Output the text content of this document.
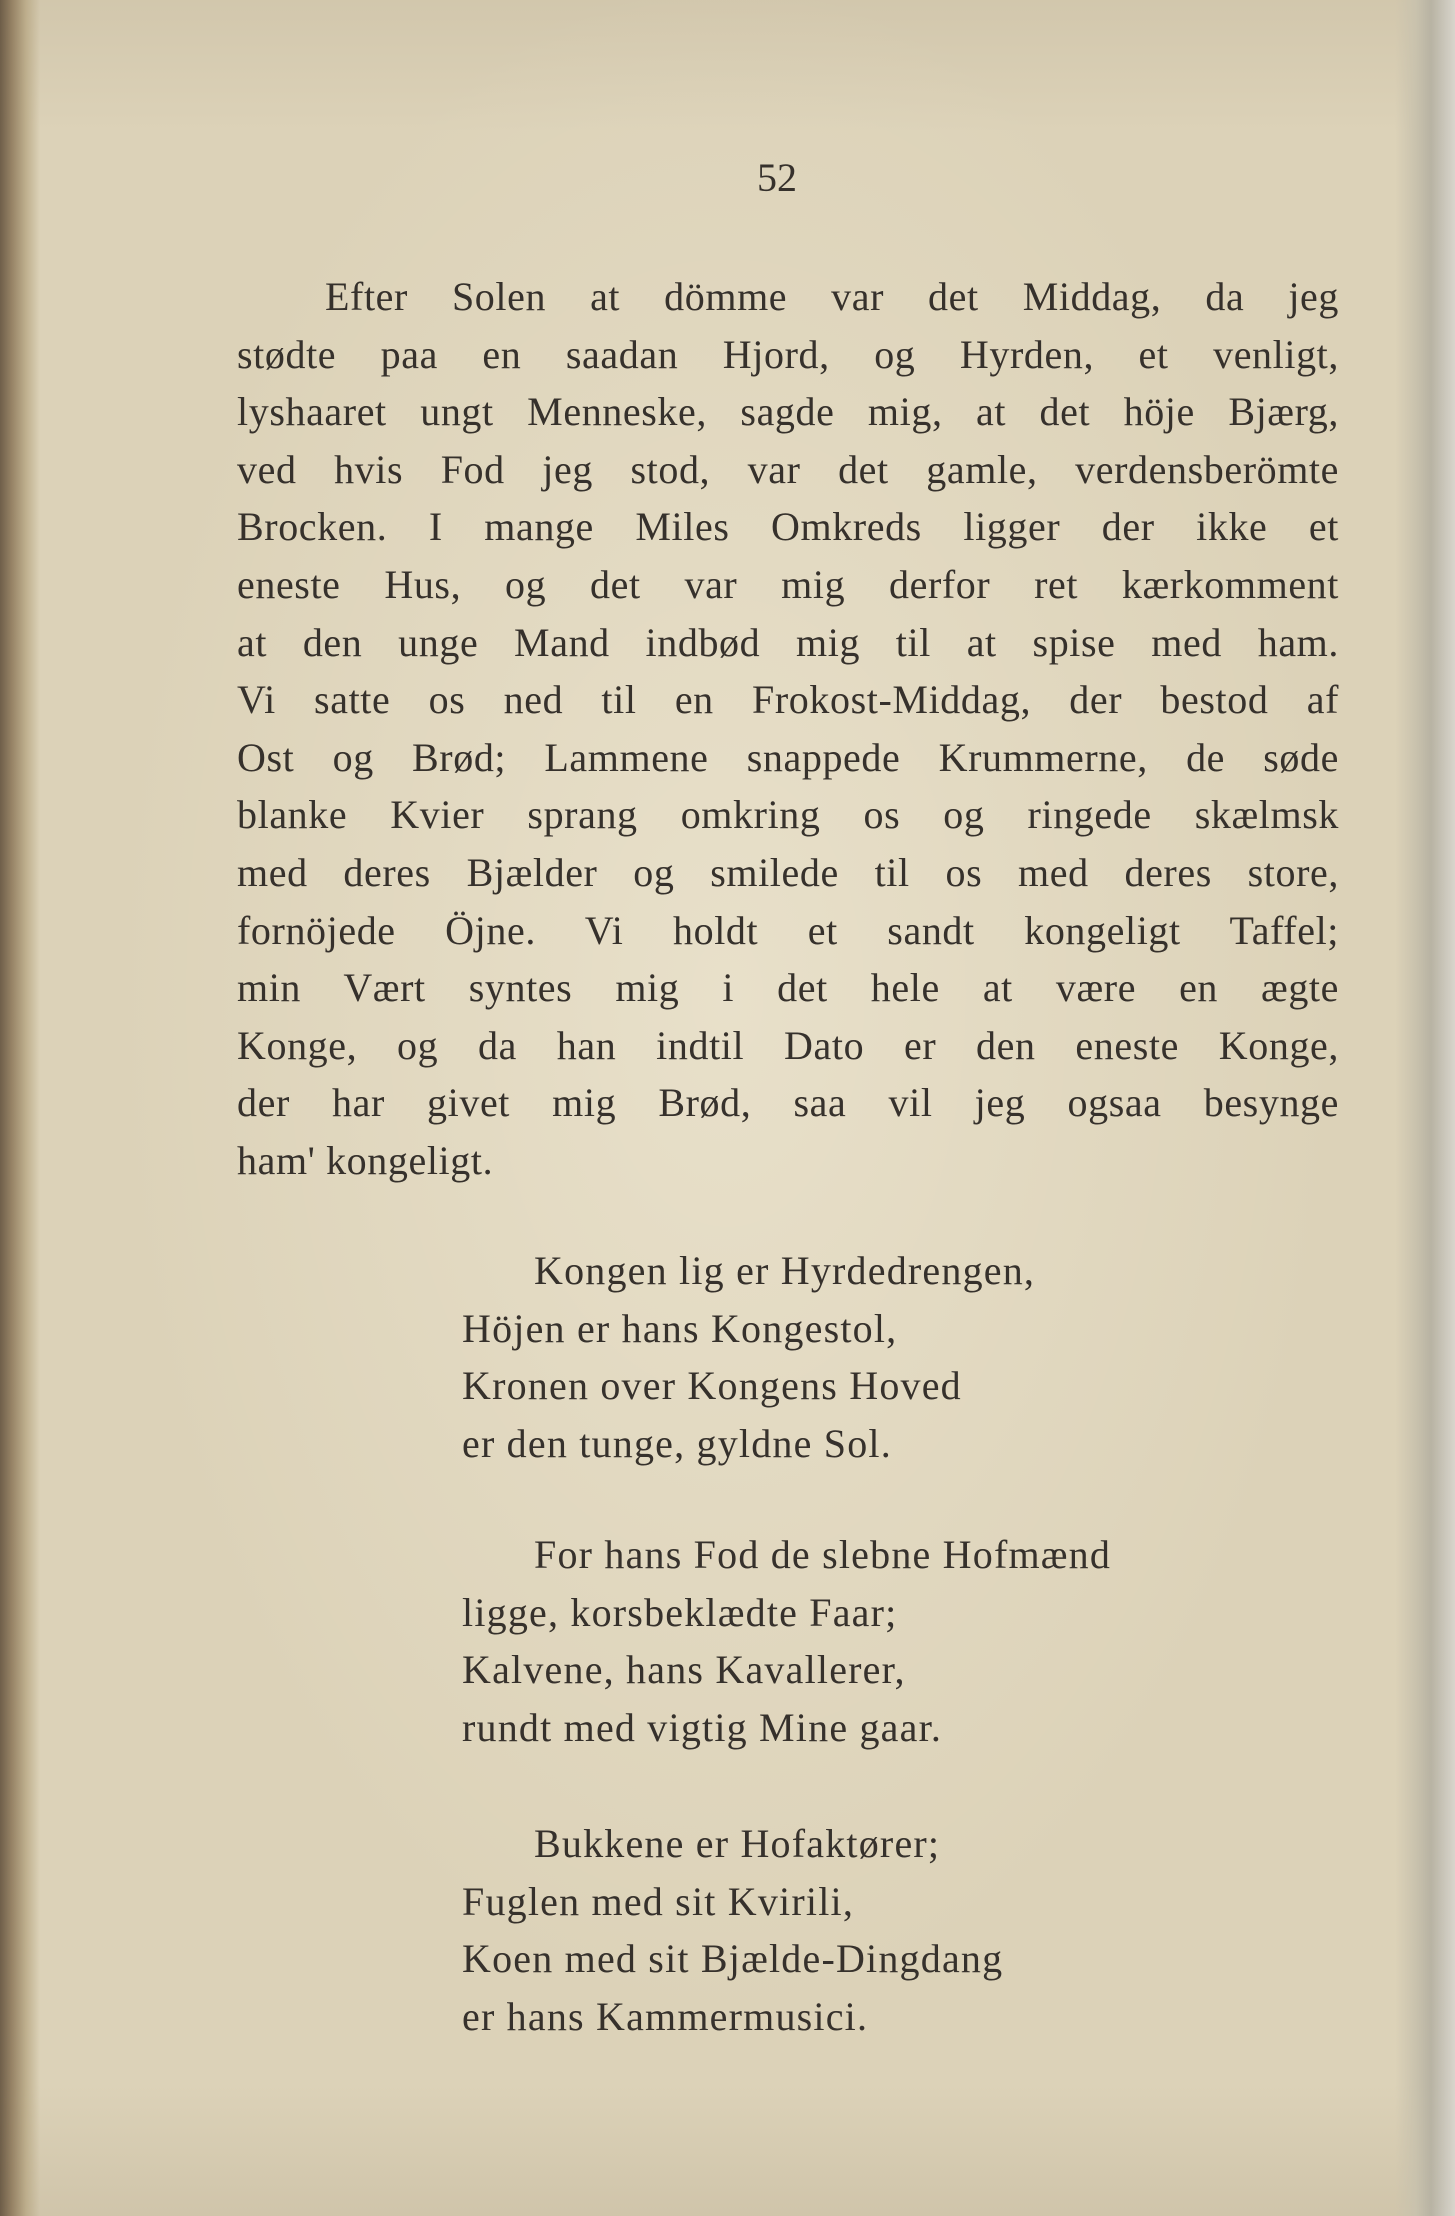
52
Efter Solen at dömme var det Middag, da jeg
stødte paa en saadan Hjord, og Hyrden, et venligt,
lyshaaret ungt Menneske, sagde mig, at det höje Bjærg,
ved hvis Fod jeg stod, var det gamle, verdensberömte
Brocken. I mange Miles Omkreds ligger der ikke et
eneste Hus, og det var mig derfor ret kærkomment
at den unge Mand indbød mig til at spise med ham.
Vi satte os ned til en Frokost-Middag, der bestod af
Ost og Brød; Lammene snappede Krummerne, de søde
blanke Kvier sprang omkring os og ringede skælmsk
med deres Bjælder og smilede til os med deres store,
fornöjede Öjne. Vi holdt et sandt kongeligt Taffel;
min Vært syntes mig i det hele at være en ægte
Konge, og da han indtil Dato er den eneste Konge,
der har givet mig Brød, saa vil jeg ogsaa besynge
ham' kongeligt.
Kongen lig er Hyrdedrengen,
Höjen er hans Kongestol,
Kronen over Kongens Hoved
er den tunge, gyldne Sol.
For hans Fod de slebne Hofmænd
ligge, korsbeklædte Faar;
Kalvene, hans Kavallerer,
rundt med vigtig Mine gaar.
Bukkene er Hofaktører;
Fuglen med sit Kvirili,
Koen med sit Bjælde-Dingdang
er hans Kammermusici.
